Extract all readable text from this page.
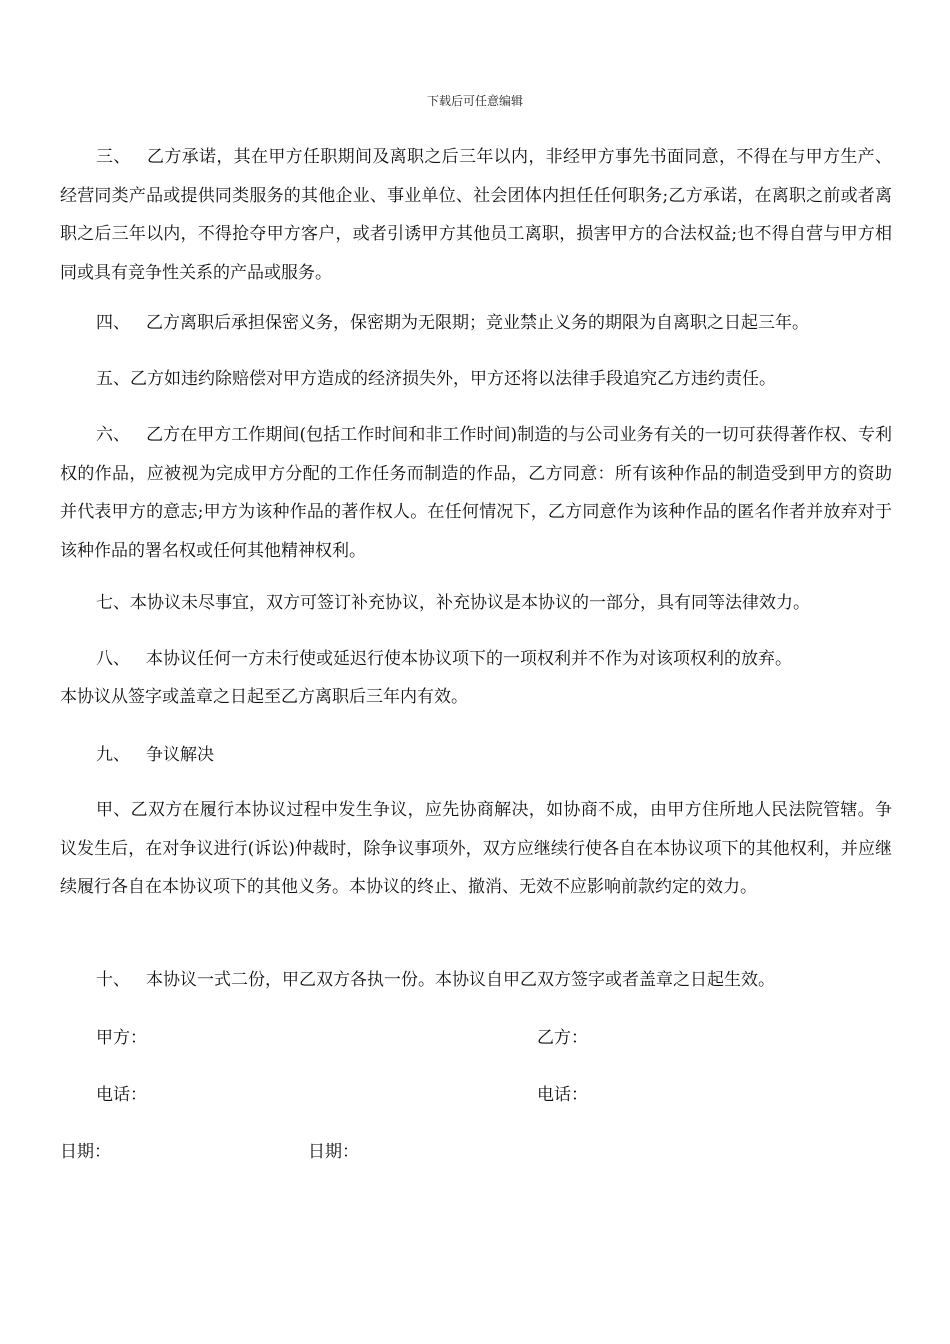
下载后可任意编辑

三、 乙方承诺，其在甲方任职期间及离职之后三年以内，非经甲方事先书面同意，不得在与甲方生产、经营同类产品或提供同类服务的其他企业、事业单位、社会团体内担任任何职务;乙方承诺，在离职之前或者离职之后三年以内，不得抢夺甲方客户，或者引诱甲方其他员工离职，损害甲方的合法权益;也不得自营与甲方相同或具有竞争性关系的产品或服务。

四、 乙方离职后承担保密义务，保密期为无限期；竞业禁止义务的期限为自离职之日起三年。

五、乙方如违约除赔偿对甲方造成的经济损失外，甲方还将以法律手段追究乙方违约责任。

六、 乙方在甲方工作期间(包括工作时间和非工作时间)制造的与公司业务有关的一切可获得著作权、专利权的作品，应被视为完成甲方分配的工作任务而制造的作品，乙方同意：所有该种作品的制造受到甲方的资助并代表甲方的意志;甲方为该种作品的著作权人。在任何情况下，乙方同意作为该种作品的匿名作者并放弃对于该种作品的署名权或任何其他精神权利。

七、本协议未尽事宜，双方可签订补充协议，补充协议是本协议的一部分，具有同等法律效力。

八、 本协议任何一方未行使或延迟行使本协议项下的一项权利并不作为对该项权利的放弃。

本协议从签字或盖章之日起至乙方离职后三年内有效。

九、 争议解决

甲、乙双方在履行本协议过程中发生争议，应先协商解决，如协商不成，由甲方住所地人民法院管辖。争议发生后，在对争议进行(诉讼)仲裁时，除争议事项外，双方应继续行使各自在本协议项下的其他权利，并应继续履行各自在本协议项下的其他义务。本协议的终止、撤消、无效不应影响前款约定的效力。

十、 本协议一式二份，甲乙双方各执一份。本协议自甲乙双方签字或者盖章之日起生效。

甲方：	乙方：
电话：	电话：
日期：	日期：
